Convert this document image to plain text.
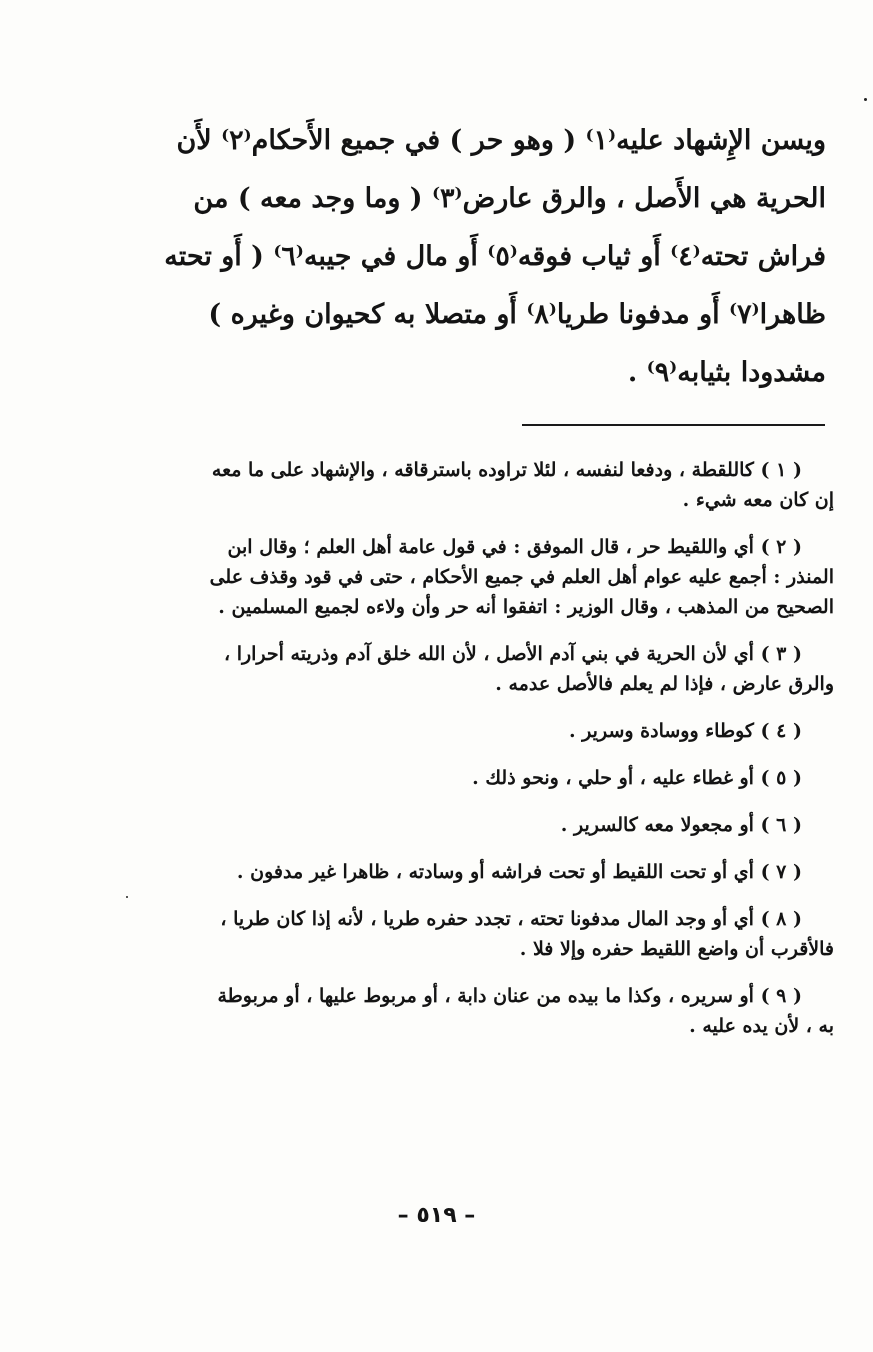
ويسن الإِشهاد عليه⁽١⁾ ( وهو حر ) في جميع الأَحكام⁽٢⁾ لأَن
الحرية هي الأَصل ، والرق عارض⁽٣⁾ ( وما وجد معه ) من
فراش تحته⁽٤⁾ أَو ثياب فوقه⁽٥⁾ أَو مال في جيبه⁽٦⁾ ( أَو تحته
ظاهرا⁽٧⁾ أَو مدفونا طريا⁽٨⁾ أَو متصلا به كحيوان وغيره )
مشدودا بثيابه⁽٩⁾ .
( ١ ) كاللقطة ، ودفعا لنفسه ، لئلا تراوده باسترقاقه ، والإشهاد على ما معه
إن كان معه شيء .
( ٢ ) أي واللقيط حر ، قال الموفق : في قول عامة أهل العلم ؛ وقال ابن
المنذر : أجمع عليه عوام أهل العلم في جميع الأحكام ، حتى في قود وقذف على
الصحيح من المذهب ، وقال الوزير : اتفقوا أنه حر وأن ولاءه لجميع المسلمين .
( ٣ ) أي لأن الحرية في بني آدم الأصل ، لأن الله خلق آدم وذريته أحرارا ،
والرق عارض ، فإذا لم يعلم فالأصل عدمه .
( ٤ ) كوطاء ووسادة وسرير .
( ٥ ) أو غطاء عليه ، أو حلي ، ونحو ذلك .
( ٦ ) أو مجعولا معه كالسرير .
( ٧ ) أي أو تحت اللقيط أو تحت فراشه أو وسادته ، ظاهرا غير مدفون .
( ٨ ) أي أو وجد المال مدفونا تحته ، تجدد حفره طريا ، لأنه إذا كان طريا ،
فالأقرب أن واضع اللقيط حفره وإلا فلا .
( ٩ ) أو سريره ، وكذا ما بيده من عنان دابة ، أو مربوط عليها ، أو مربوطة
به ، لأن يده عليه .
– ٥١٩ –
